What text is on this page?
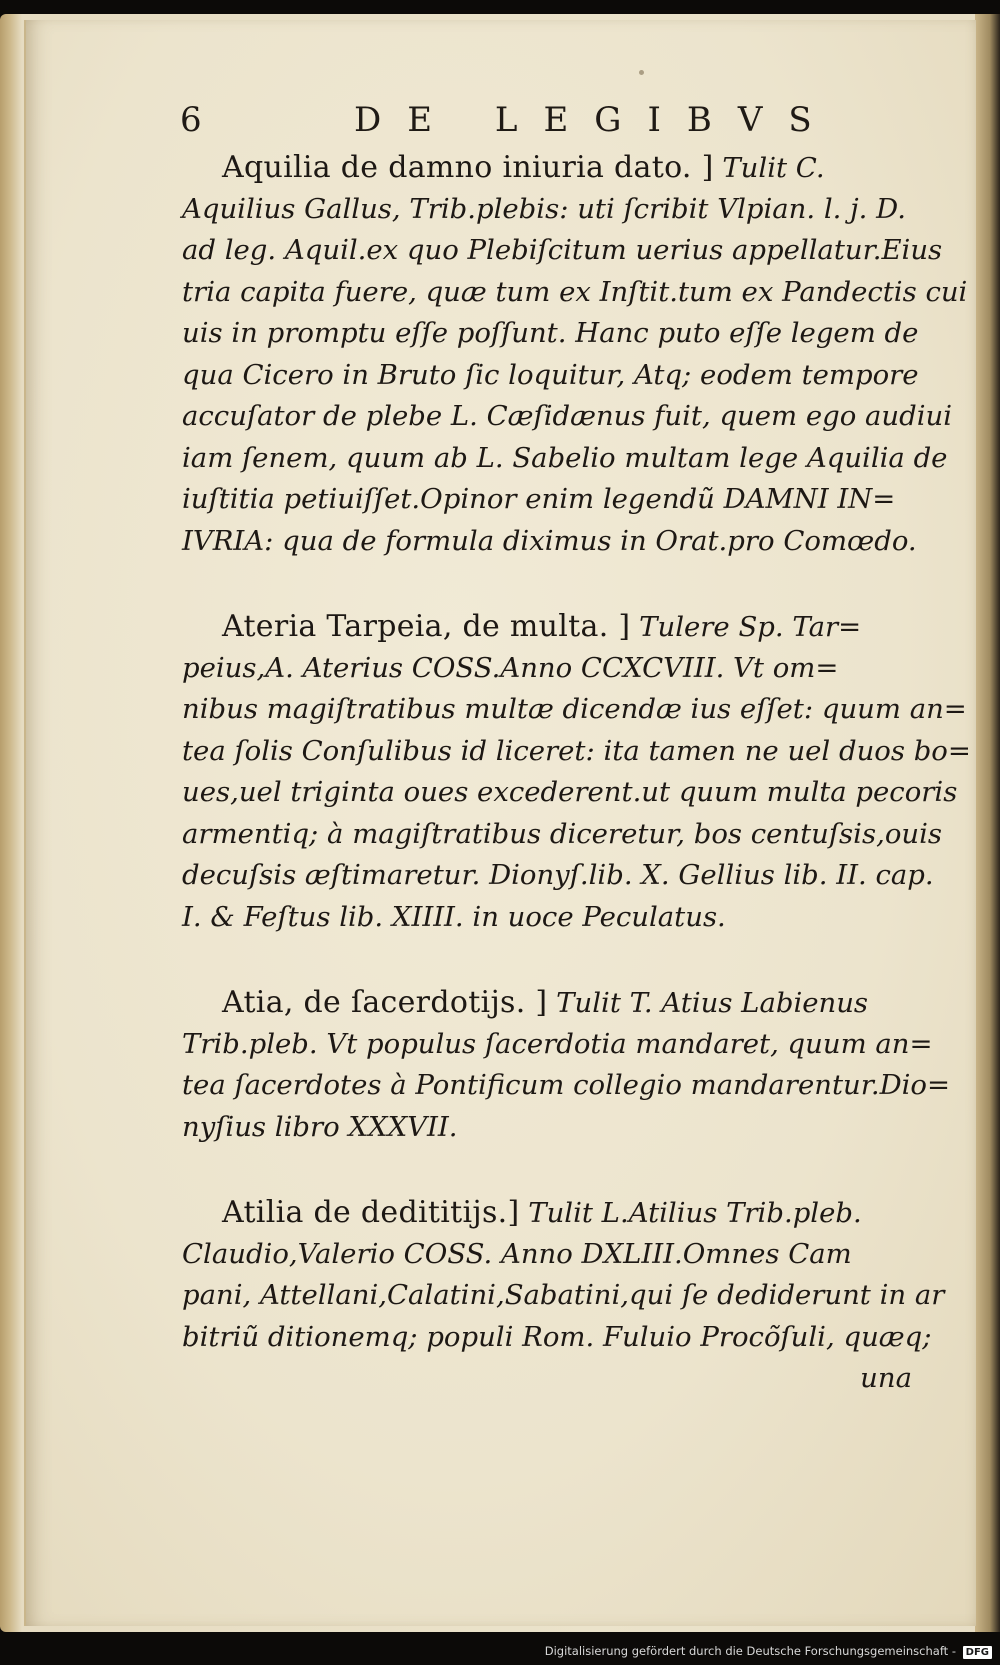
6	DE LEGIBVS
Aquilia de damno iniuria dato. ] Tulit C.
Aquilius Gallus, Trib.plebis: uti ſcribit Vlpian. l. j. D.
ad leg. Aquil.ex quo Plebiſcitum uerius appellatur.Eius
tria capita fuere, quæ tum ex Inſtit.tum ex Pandectis cui
uis in promptu eſſe poſſunt. Hanc puto eſſe legem de
qua Cicero in Bruto ſic loquitur, Atq; eodem tempore
accuſator de plebe L. Cæſidænus fuit, quem ego audiui
iam ſenem, quum ab L. Sabelio multam lege Aquilia de
iuſtitia petiuiſſet.Opinor enim legendũ DAMNI IN=
IVRIA: qua de formula diximus in Orat.pro Comœdo.
Ateria Tarpeia, de multa. ] Tulere Sp. Tar=
peius,A. Aterius COSS.Anno CCXCVIII. Vt om=
nibus magiſtratibus multæ dicendæ ius eſſet: quum an=
tea ſolis Conſulibus id liceret: ita tamen ne uel duos bo=
ues,uel triginta oues excederent.ut quum multa pecoris
armentiq; à magiſtratibus diceretur, bos centuſsis,ouis
decuſsis æſtimaretur. Dionyſ.lib. X. Gellius lib. II. cap.
I. & Feſtus lib. XIIII. in uoce Peculatus.
Atia, de ſacerdotijs. ] Tulit T. Atius Labienus
Trib.pleb. Vt populus ſacerdotia mandaret, quum an=
tea ſacerdotes à Pontificum collegio mandarentur.Dio=
nyſius libro XXXVII.
Atilia de dedititijs.] Tulit L.Atilius Trib.pleb.
Claudio,Valerio COSS. Anno DXLIII.Omnes Cam
pani, Attellani,Calatini,Sabatini,qui ſe dediderunt in ar
bitriũ ditionemq; populi Rom. Fuluio Procõſuli, quæq;
una
Digitalisierung gefördert durch die Deutsche Forschungsgemeinschaft - DFG
